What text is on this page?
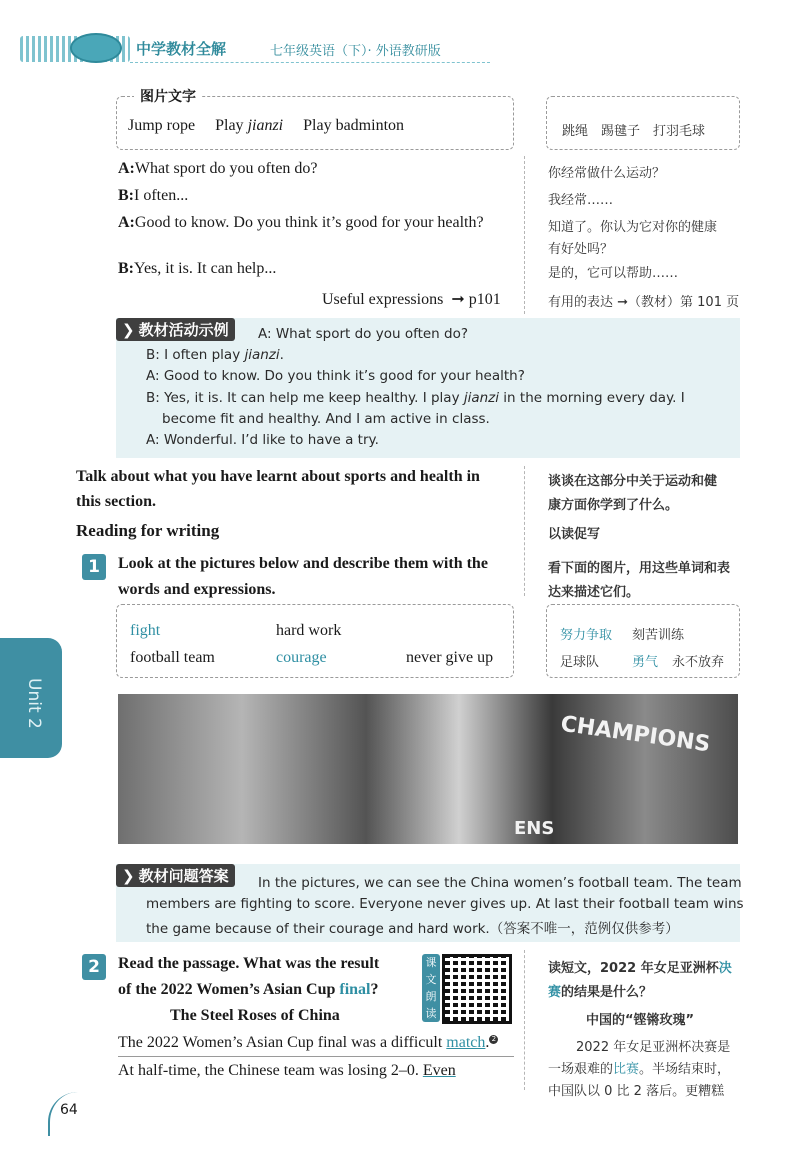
中学教材全解	七年级英语（下）· 外语教研版
Unit 2
图片文字
Jump rope Play jianzi Play badminton	跳绳　踢毽子　打羽毛球
A:What sport do you often do?	你经常做什么运动？
B:I often...	我经常……
A:Good to know. Do you think it’s good for your health?	知道了。你认为它对你的健康
有好处吗？
B:Yes, it is. It can help...	是的，它可以帮助……
Useful expressions ➞ p101	有用的表达 ➞（教材）第 101 页
❯ 教材活动示例	A: What sport do you often do?
B: I often play jianzi.
A: Good to know. Do you think it’s good for your health?
B: Yes, it is. It can help me keep healthy. I play jianzi in the morning every day. I
become fit and healthy. And I am active in class.
A: Wonderful. I’d like to have a try.
Talk about what you have learnt about sports and health in
this section.
谈谈在这部分中关于运动和健
康方面你学到了什么。
Reading for writing	以读促写
1	Look at the pictures below and describe them with the
words and expressions.
看下面的图片，用这些单词和表
达来描述它们。
fight	hard work
football team	courage	never give up
努力争取 刻苦训练
足球队	勇气 永不放弃
CHAMPIONS
ENS
❯ 教材问题答案	In the pictures, we can see the China women’s football team. The team
members are fighting to score. Everyone never gives up. At last their football team wins
the game because of their courage and hard work.（答案不唯一，范例仅供参考）
2	Read the passage. What was the result
of the 2022 Women’s Asian Cup final?
The Steel Roses of China
课文朗读
读短文，2022 年女足亚洲杯决
赛的结果是什么？
中国的“铿锵玫瑰”
The 2022 Women’s Asian Cup final was a difficult match. 2
At half-time, the Chinese team was losing 2–0. Even
2022 年女足亚洲杯决赛是
一场艰难的比赛。半场结束时，
中国队以 0 比 2 落后。更糟糕
64
